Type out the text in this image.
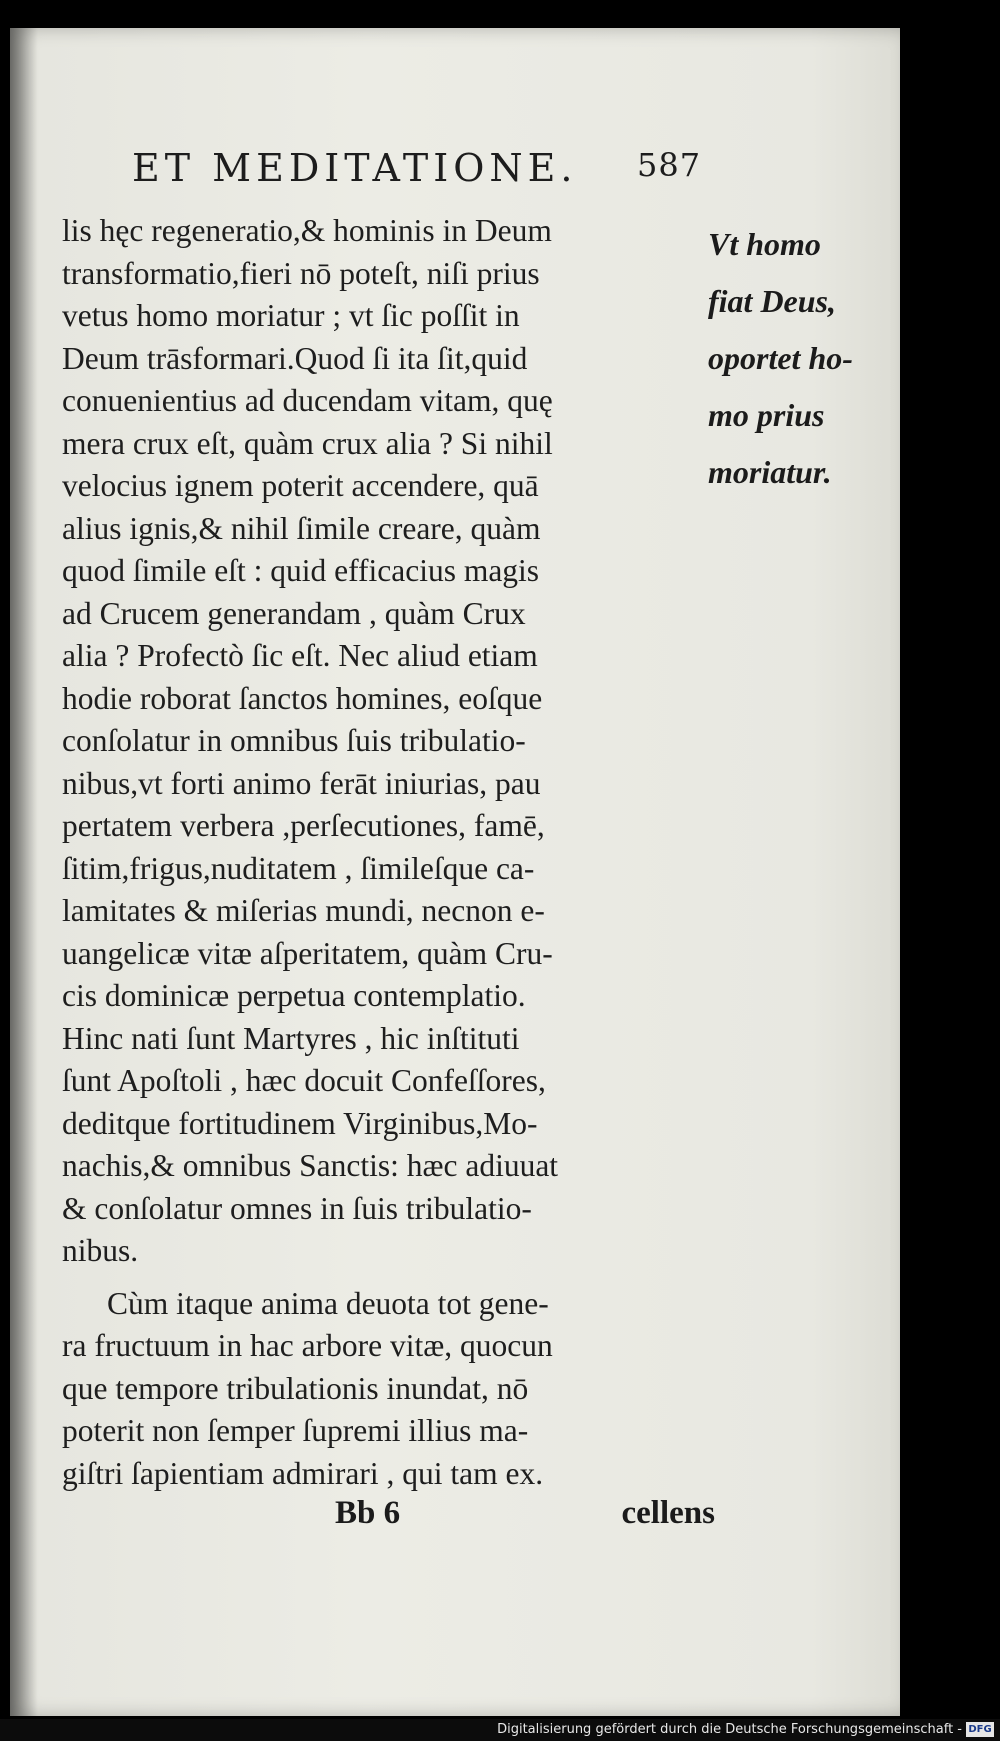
ET MEDITATIONE. 587
lis hęc regeneratio,& hominis in Deum
transformatio,fieri nō poteſt, niſi prius
vetus homo moriatur ; vt ſic poſſit in
Deum trāsformari.Quod ſi ita ſit,quid
conuenientius ad ducendam vitam, quę
mera crux eſt, quàm crux alia ? Si nihil
velocius ignem poterit accendere, quā
alius ignis,& nihil ſimile creare, quàm
quod ſimile eſt : quid efficacius magis
ad Crucem generandam , quàm Crux
alia ? Profectò ſic eſt. Nec aliud etiam
hodie roborat ſanctos homines, eoſque
conſolatur in omnibus ſuis tribulatio-
nibus,vt forti animo ferāt iniurias, pau
pertatem verbera ,perſecutiones, famē,
ſitim,frigus,nuditatem , ſimileſque ca-
lamitates & miſerias mundi, necnon e-
uangelicæ vitæ aſperitatem, quàm Cru-
cis dominicæ perpetua contemplatio.
Hinc nati ſunt Martyres , hic inſtituti
ſunt Apoſtoli , hæc docuit Confeſſores,
deditque fortitudinem Virginibus,Mo-
nachis,& omnibus Sanctis: hæc adiuuat
& conſolatur omnes in ſuis tribulatio-
nibus.
Cùm itaque anima deuota tot gene-
ra fructuum in hac arbore vitæ, quocun
que tempore tribulationis inundat, nō
poterit non ſemper ſupremi illius ma-
giſtri ſapientiam admirari , qui tam ex.
Vt homo
fiat Deus,
oportet ho-
mo prius
moriatur.
Bb 6	cellens
Digitalisierung gefördert durch die Deutsche Forschungsgemeinschaft - DFG
